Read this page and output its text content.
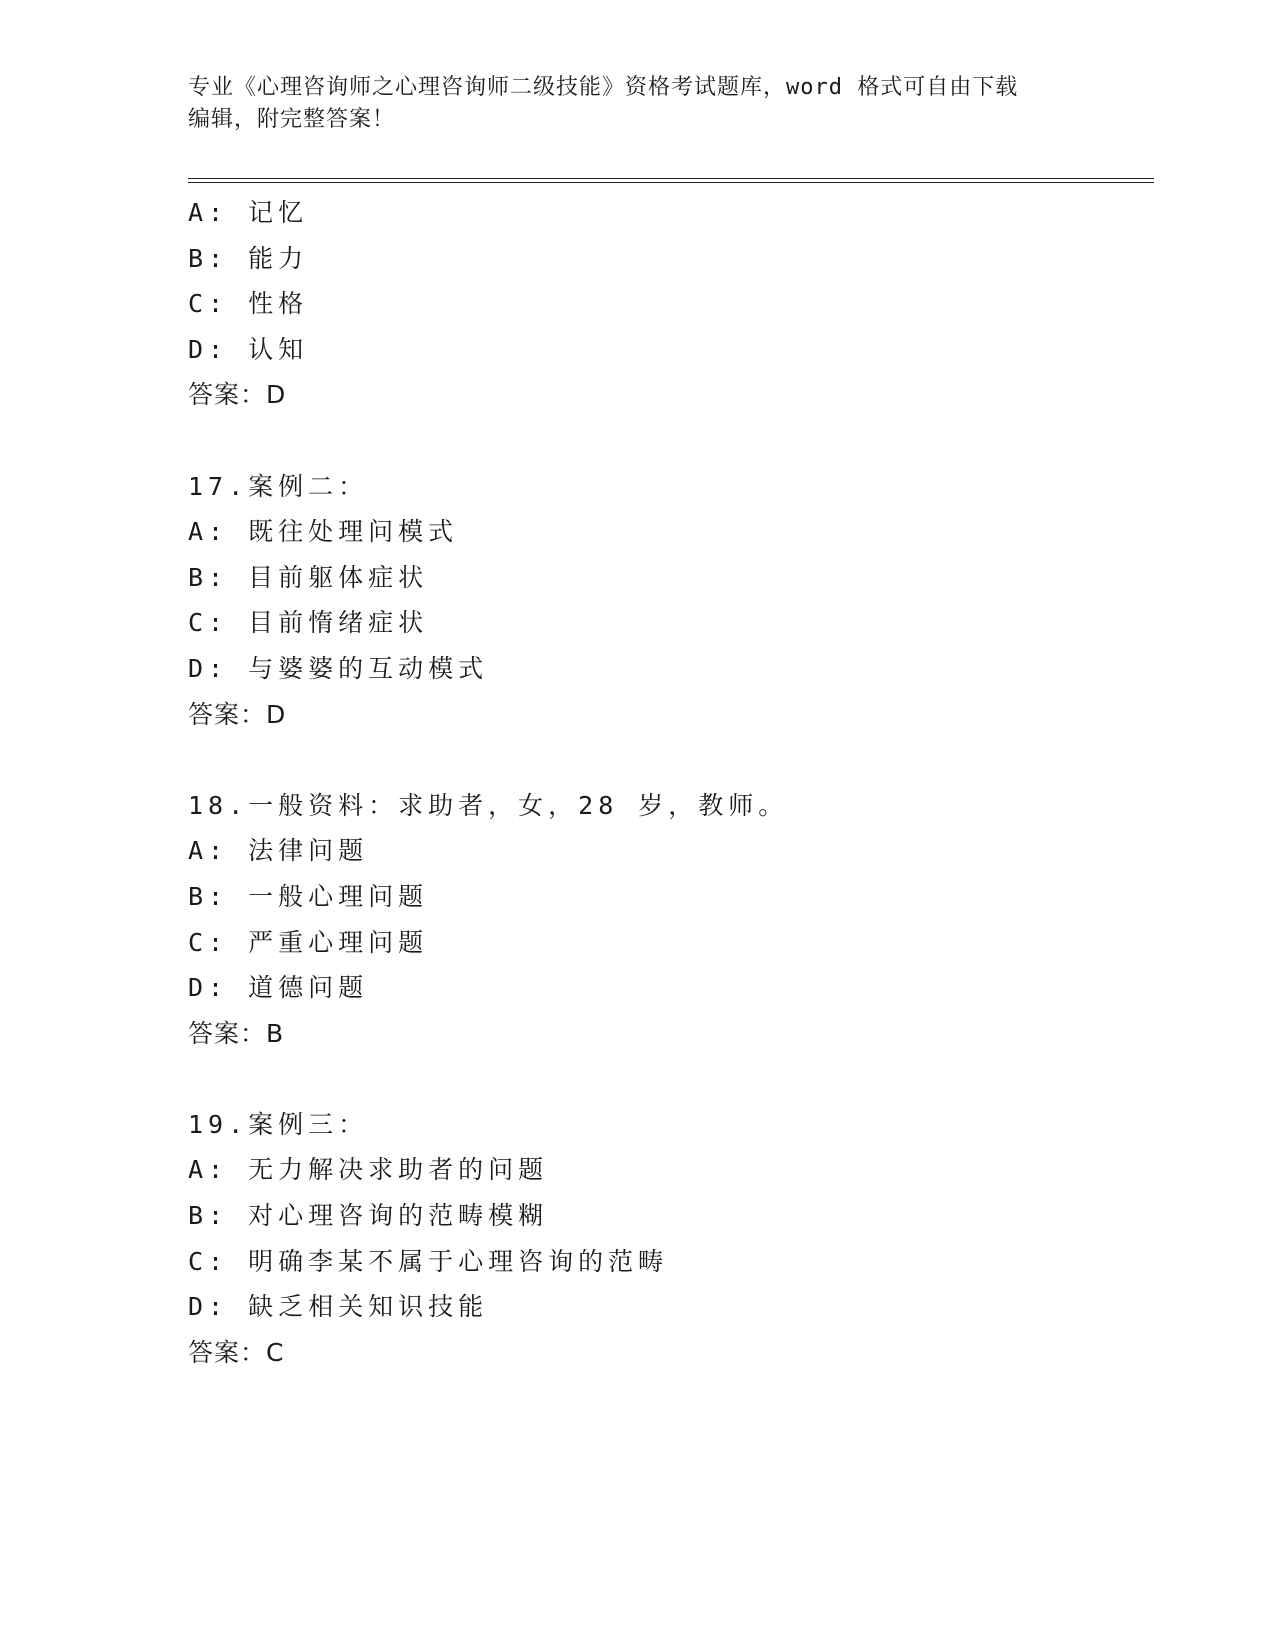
专业《心理咨询师之心理咨询师二级技能》资格考试题库，word 格式可自由下载
编辑，附完整答案！
A: 记忆
B: 能力
C: 性格
D: 认知
答案：D
17.案例二：
A: 既往处理问模式
B: 目前躯体症状
C: 目前惰绪症状
D: 与婆婆的互动模式
答案：D
18.一般资料：求助者，女，28 岁，教师。
A: 法律问题
B: 一般心理问题
C: 严重心理问题
D: 道德问题
答案：B
19.案例三：
A: 无力解决求助者的问题
B: 对心理咨询的范畴模糊
C: 明确李某不属于心理咨询的范畴
D: 缺乏相关知识技能
答案：C
